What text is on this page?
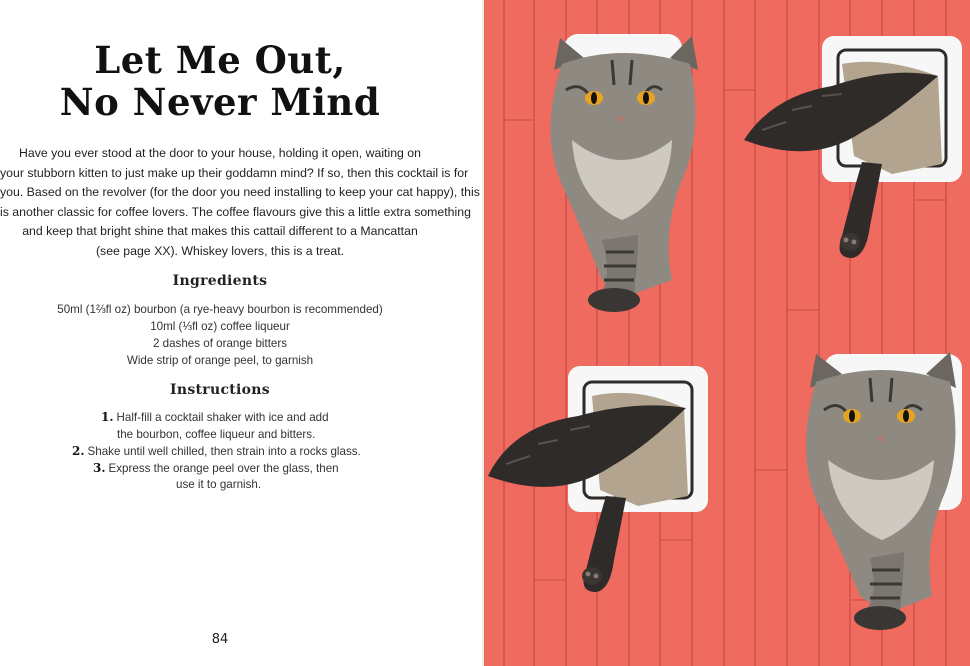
Let Me Out,
No Never Mind
Have you ever stood at the door to your house, holding it open, waiting on
your stubborn kitten to just make up their goddamn mind? If so, then this cocktail is for
you. Based on the revolver (for the door you need installing to keep your cat happy), this
is another classic for coffee lovers. The coffee flavours give this a little extra something
and keep that bright shine that makes this cattail different to a Mancattan
(see page XX). Whiskey lovers, this is a treat.
Ingredients
50ml (1⅔fl oz) bourbon (a rye-heavy bourbon is recommended)
10ml (⅓fl oz) coffee liqueur
2 dashes of orange bitters
Wide strip of orange peel, to garnish
Instructions
1. Half-fill a cocktail shaker with ice and add
the bourbon, coffee liqueur and bitters.
2. Shake until well chilled, then strain into a rocks glass.
3. Express the orange peel over the glass, then
use it to garnish.
84
